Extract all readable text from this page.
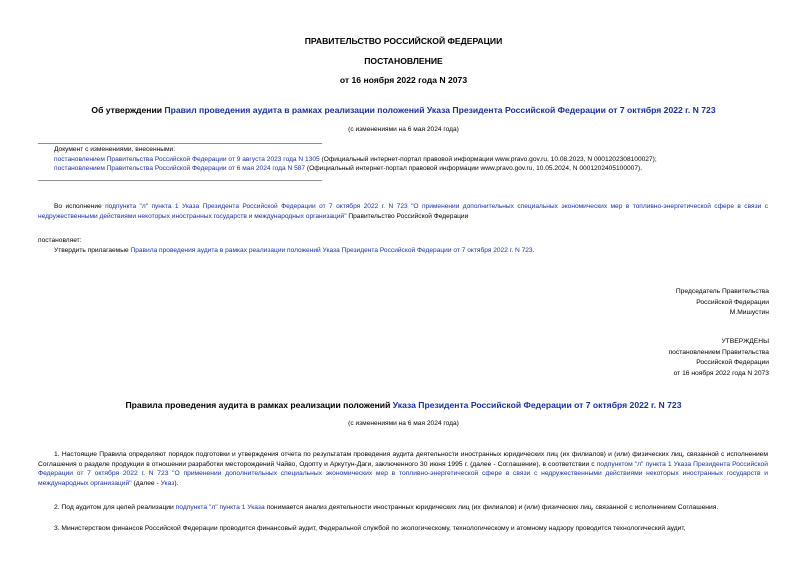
ПРАВИТЕЛЬСТВО РОССИЙСКОЙ ФЕДЕРАЦИИ
ПОСТАНОВЛЕНИЕ
от 16 ноября 2022 года N 2073
Об утверждении Правил проведения аудита в рамках реализации положений Указа Президента Российской Федерации от 7 октября 2022 г. N 723
(с изменениями на 6 мая 2024 года)
Документ с изменениями, внесенными:
постановлением Правительства Российской Федерации от 9 августа 2023 года N 1305 (Официальный интернет-портал правовой информации www.pravo.gov.ru, 10.08.2023, N 0001202308100027);
постановлением Правительства Российской Федерации от 6 мая 2024 года N 587 (Официальный интернет-портал правовой информации www.pravo.gov.ru, 10.05.2024, N 0001202405100007).
Во исполнение подпункта "л" пункта 1 Указа Президента Российской Федерации от 7 октября 2022 г. N 723 "О применении дополнительных специальных экономических мер в топливно-энергетической сфере в связи с недружественными действиями некоторых иностранных государств и международных организаций" Правительство Российской Федерации
постановляет:
Утвердить прилагаемые Правила проведения аудита в рамках реализации положений Указа Президента Российской Федерации от 7 октября 2022 г. N 723.
Председатель Правительства
Российской Федерации
М.Мишустин
УТВЕРЖДЕНЫ
постановлением Правительства
Российской Федерации
от 16 ноября 2022 года N 2073
Правила проведения аудита в рамках реализации положений Указа Президента Российской Федерации от 7 октября 2022 г. N 723
(с изменениями на 6 мая 2024 года)
1. Настоящие Правила определяют порядок подготовки и утверждения отчета по результатам проведения аудита деятельности иностранных юридических лиц (их филиалов) и (или) физических лиц, связанной с исполнением Соглашения о разделе продукции в отношении разработки месторождений Чайво, Одопту и Аркутун-Даги, заключенного 30 июня 1995 г. (далее - Соглашение), в соответствии с подпунктом "л" пункта 1 Указа Президента Российской Федерации от 7 октября 2022 г. N 723 "О применении дополнительных специальных экономических мер в топливно-энергетической сфере в связи с недружественными действиями некоторых иностранных государств и международных организаций" (далее - Указ).
2. Под аудитом для целей реализации подпункта "л" пункта 1 Указа понимается анализ деятельности иностранных юридических лиц (их филиалов) и (или) физических лиц, связанной с исполнением Соглашения.
3. Министерством финансов Российской Федерации проводится финансовый аудит, Федеральной службой по экологическому, технологическому и атомному надзору проводится технологический аудит,
